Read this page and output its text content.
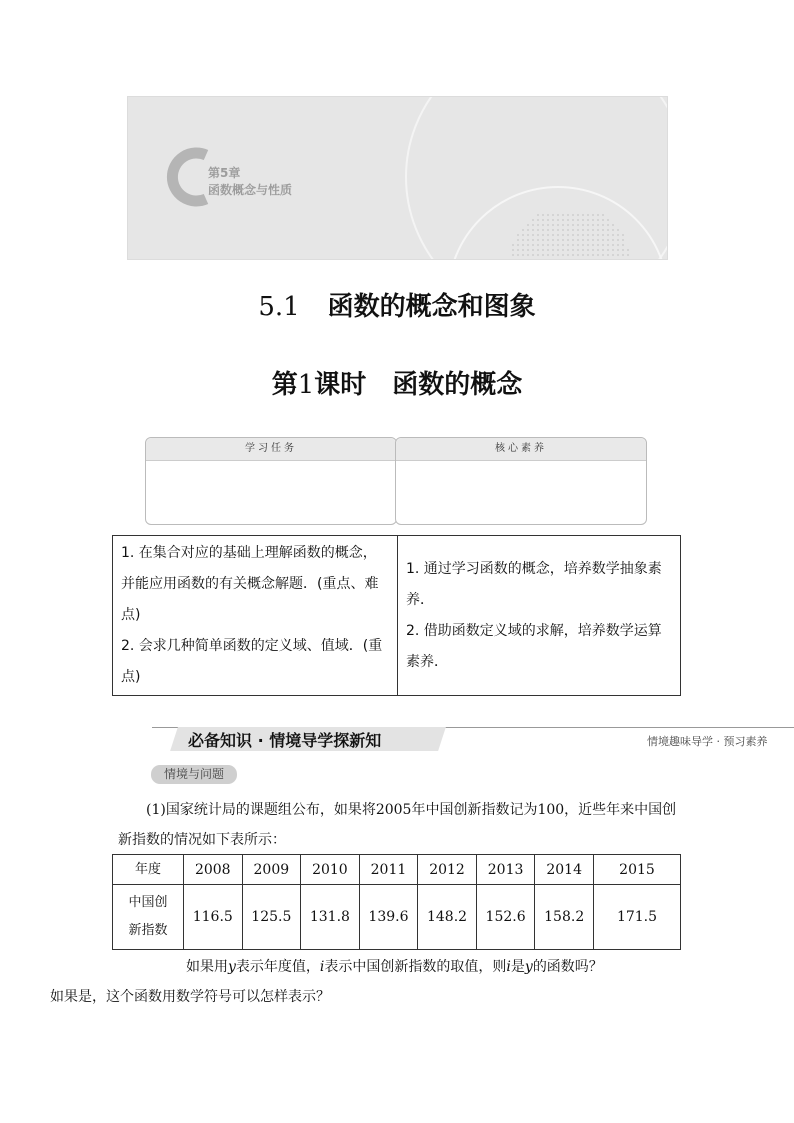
第5章
函数概念与性质
5.1 函数的概念和图象
第1课时 函数的概念
学习任务	核心素养
1. 在集合对应的基础上理解函数的概念，并能应用函数的有关概念解题．(重点、难点)
2. 会求几种简单函数的定义域、值域．(重点)

1. 通过学习函数的概念，培养数学抽象素养．
2. 借助函数定义域的求解，培养数学运算素养．
必备知识 · 情境导学探新知	情境趣味导学 · 预习素养
情境与问题
(1)国家统计局的课题组公布，如果将2005年中国创新指数记为100，近些年来中国创新指数的情况如下表所示：
年度	2008	2009	2010	2011	2012	2013	2014	2015
中国创新指数	116.5	125.5	131.8	139.6	148.2	152.6	158.2	171.5
如果用y表示年度值，i表示中国创新指数的取值，则i是y的函数吗？
如果是，这个函数用数学符号可以怎样表示？
